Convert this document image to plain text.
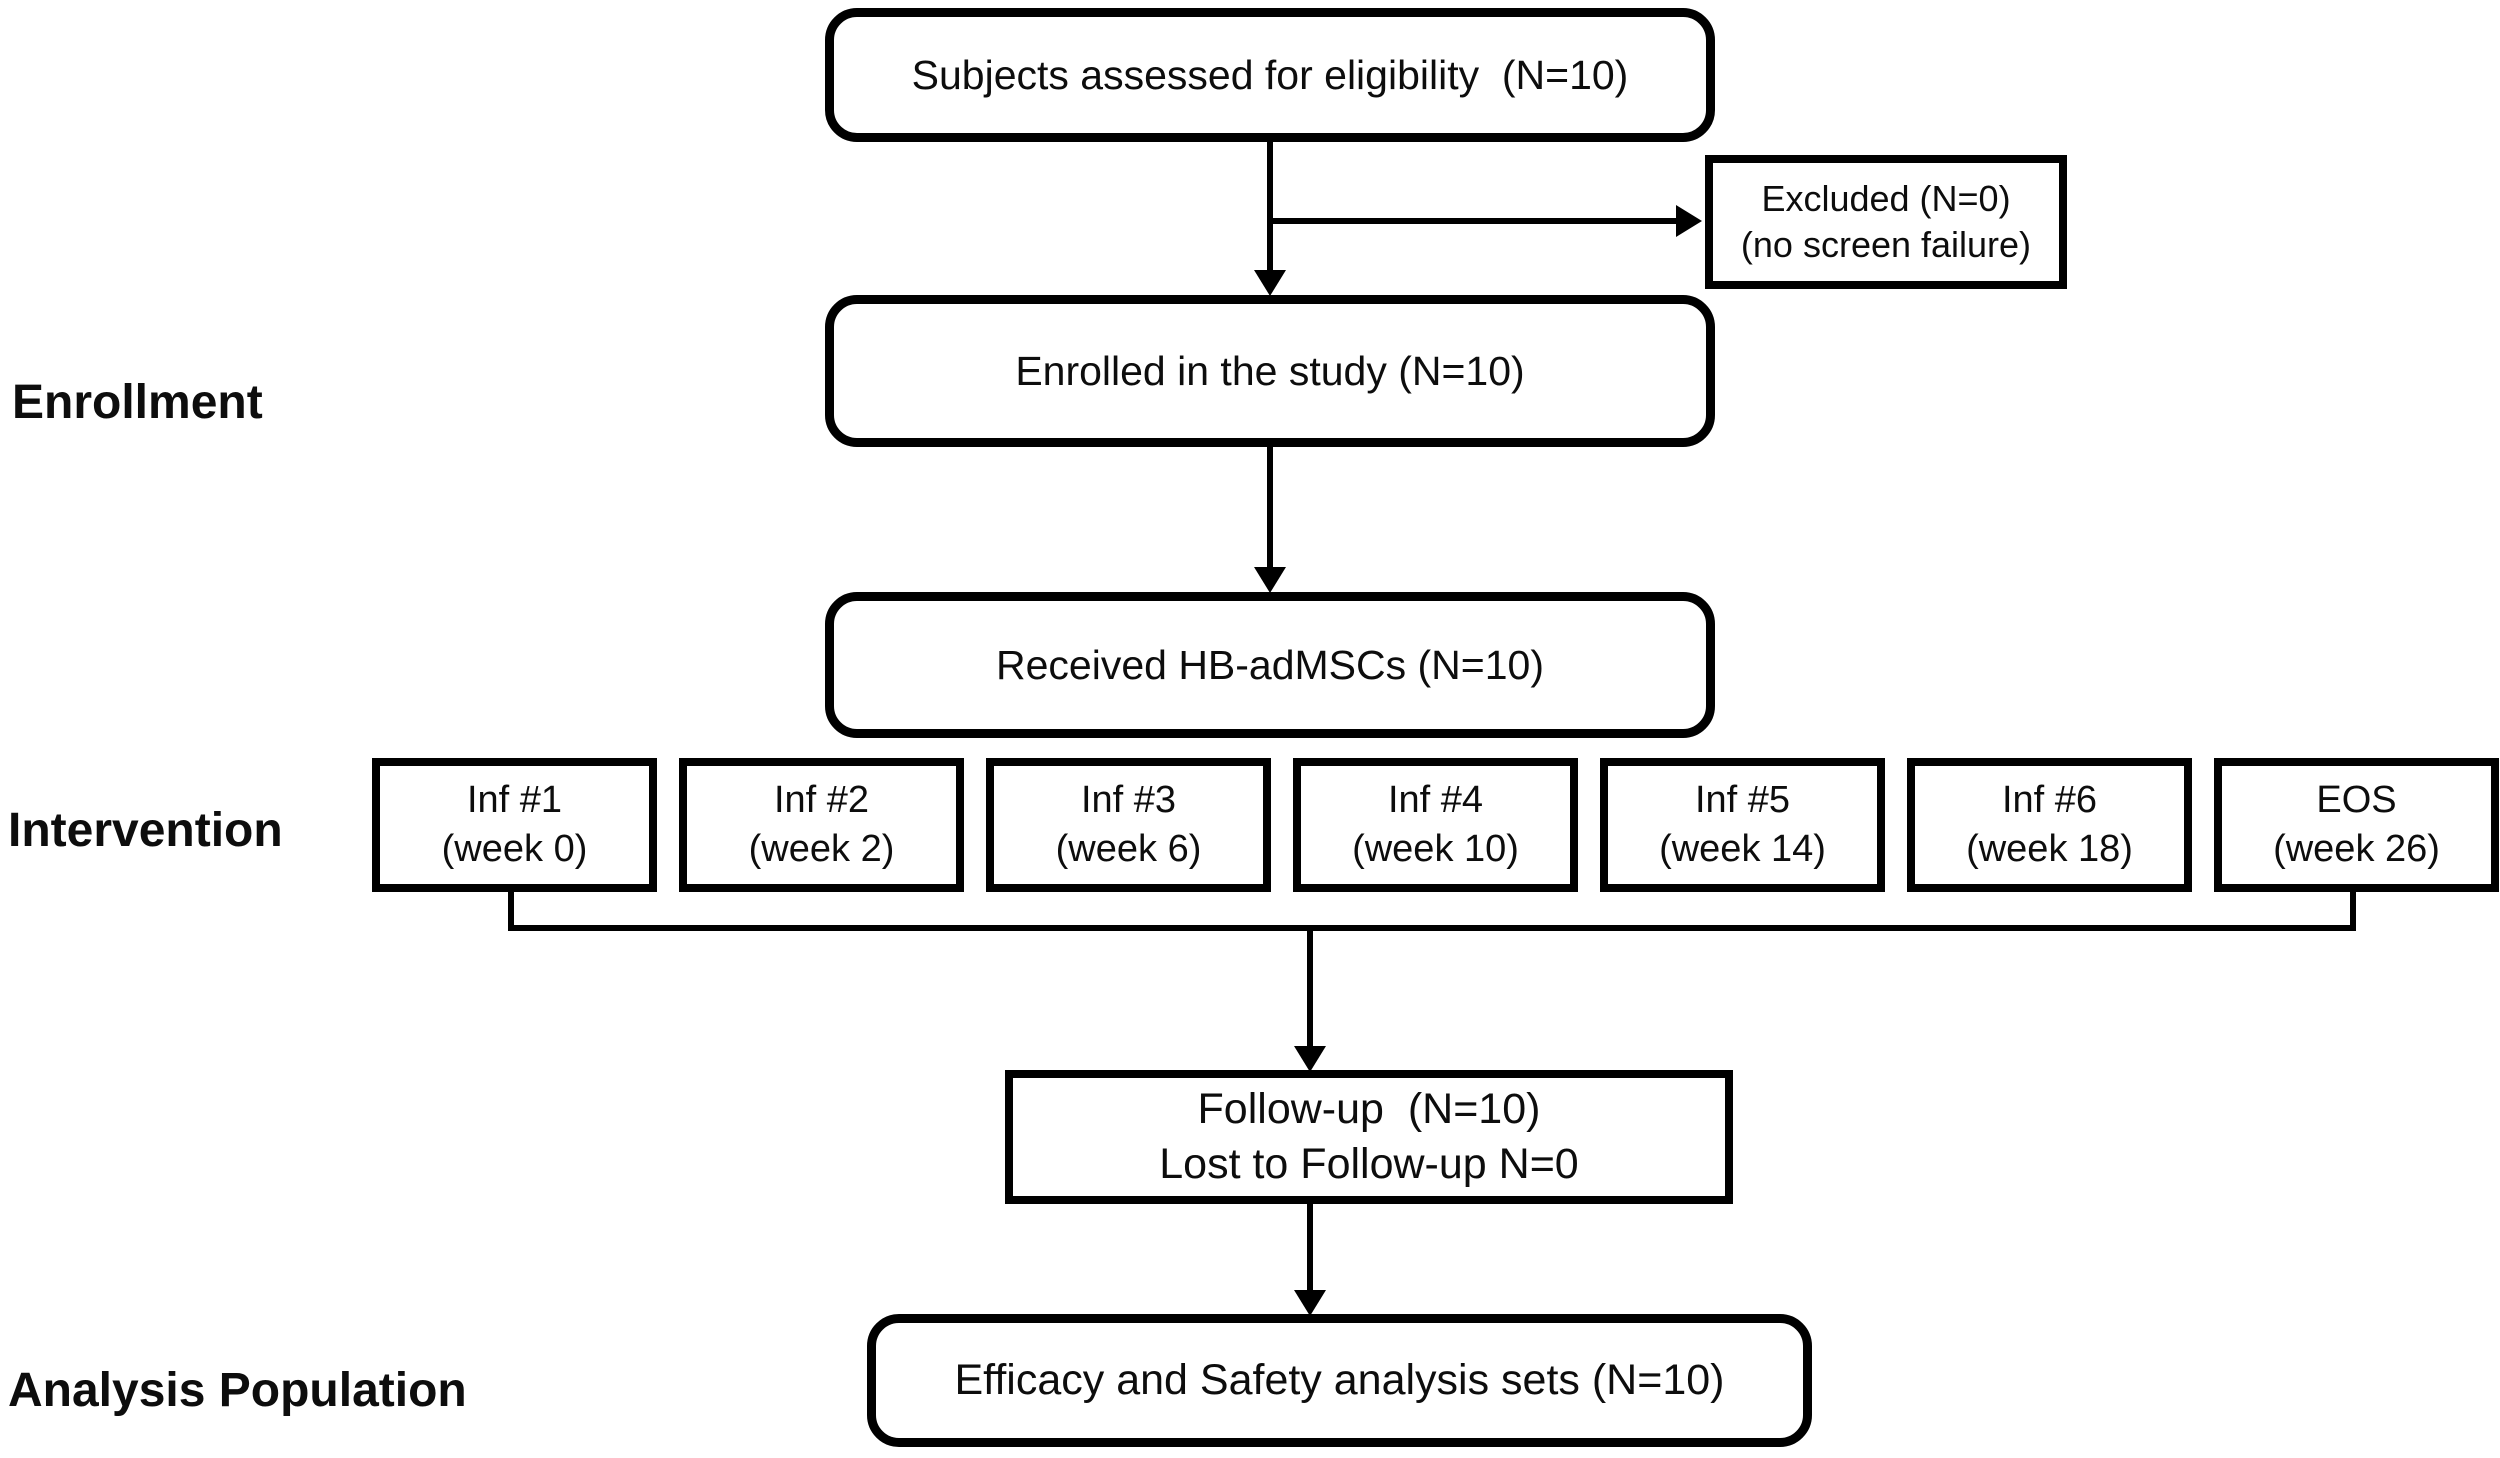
Enrollment
Intervention
Analysis Population
Subjects assessed for eligibility  (N=10)
Excluded (N=0)
(no screen failure)
Enrolled in the study (N=10)
Received HB-adMSCs (N=10)
Inf #1
(week 0)
Inf #2
(week 2)
Inf #3
(week 6)
Inf #4
(week 10)
Inf #5
(week 14)
Inf #6
(week 18)
EOS
(week 26)
Follow-up  (N=10)
Lost to Follow-up N=0
Efficacy and Safety analysis sets (N=10)
